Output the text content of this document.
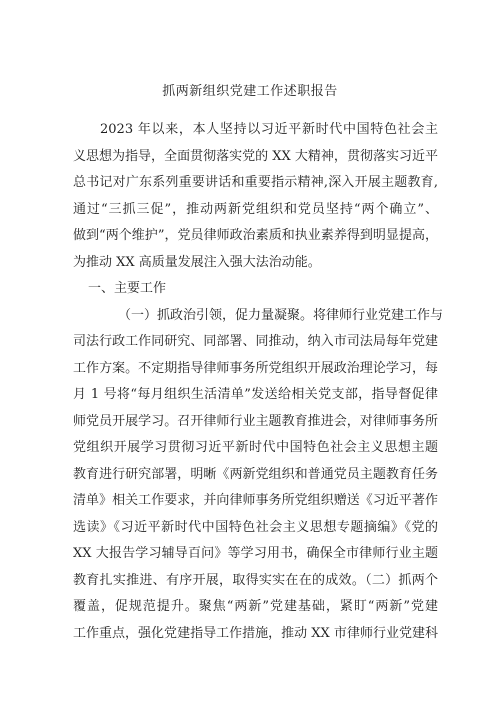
抓两新组织党建工作述职报告
2023 年以来，本人坚持以习近平新时代中国特色社会主
义思想为指导，全面贯彻落实党的 XX 大精神，贯彻落实习近平
总书记对广东系列重要讲话和重要指示精神,深入开展主题教育,
通过“三抓三促”，推动两新党组织和党员坚持“两个确立”、
做到“两个维护”，党员律师政治素质和执业素养得到明显提高，
为推动 XX 高质量发展注入强大法治动能。
一、主要工作
（一）抓政治引领，促力量凝聚。将律师行业党建工作与
司法行政工作同研究、同部署、同推动，纳入市司法局每年党建
工作方案。不定期指导律师事务所党组织开展政治理论学习，每
月 1 号将“每月组织生活清单”发送给相关党支部，指导督促律
师党员开展学习。召开律师行业主题教育推进会，对律师事务所
党组织开展学习贯彻习近平新时代中国特色社会主义思想主题
教育进行研究部署，明晰《两新党组织和普通党员主题教育任务
清单》相关工作要求，并向律师事务所党组织赠送《习近平著作
选读》《习近平新时代中国特色社会主义思想专题摘编》《党的
XX 大报告学习辅导百问》等学习用书，确保全市律师行业主题
教育扎实推进、有序开展，取得实实在在的成效。（二）抓两个
覆盖，促规范提升。聚焦“两新”党建基础，紧盯“两新”党建
工作重点，强化党建指导工作措施，推动 XX 市律师行业党建科
